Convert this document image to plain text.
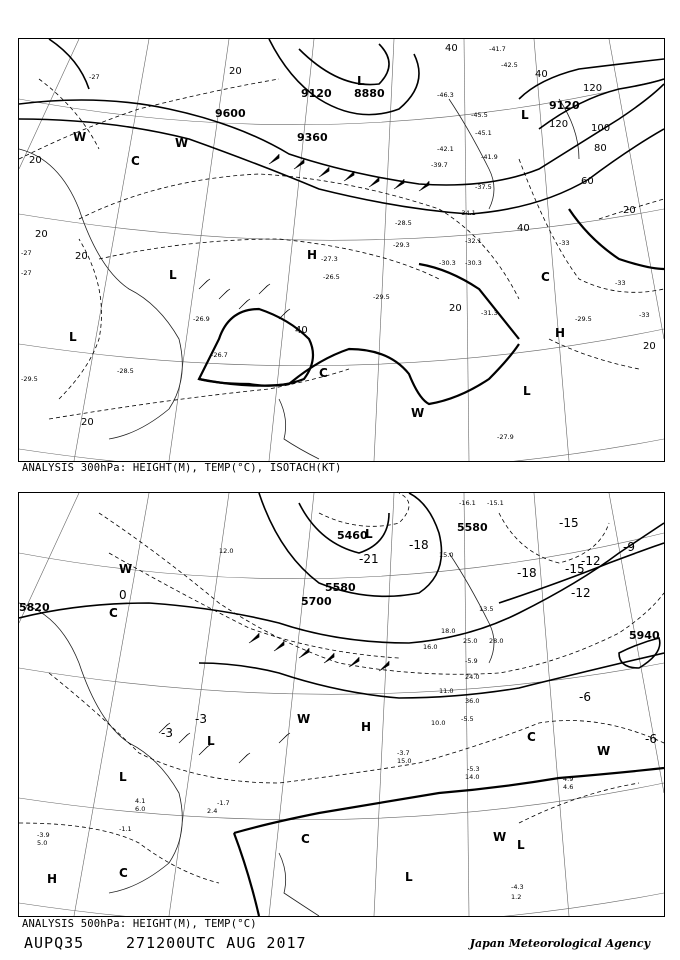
9600
9120 8880
9360
9120
20
40
40
60
80
100
120
120
40
20
20
20
20
20
20
40
20
L
L
L
L
L
H
H
W	W
W
C
C
C
-41.7
-42.5
-46.3
-45.5
-45.1
-42.1
-41.9
-39.7
-37.5
-34.1
-32.1
-30.3 -30.3
-29.3
-28.5
-27.3
-26.5
-26.7
-26.9
-29.5
-31.3
-29.5
-27.9
-28.5
-29.5
-33
-33
-33
-27
-27
-27
ANALYSIS 300hPa: HEIGHT(M), TEMP(°C), ISOTACH(KT)
5460
5580
5580
5700
5820
5940
-21
-18
-15
-12
-9
-6
-6
-3
0
-15
-18
-12
-3
L
L
L
L
L
H
H
W
W
W
W
C
C
C
C
-16.1 -15.1
15.0
13.5
16.0
-5.9
11.0
24.0
36.0
-5.5
10.0
-5.3
14.0	4.9
4.6
-3.7
15.0
-4.3
1.2
-1.7
2.4
-3.9
5.0
4.1
6.0
25.0 28.0
18.0
12.0
-1.1
ANALYSIS 500hPa: HEIGHT(M), TEMP(°C)
AUPQ35	271200UTC AUG 2017	Japan Meteorological Agency
